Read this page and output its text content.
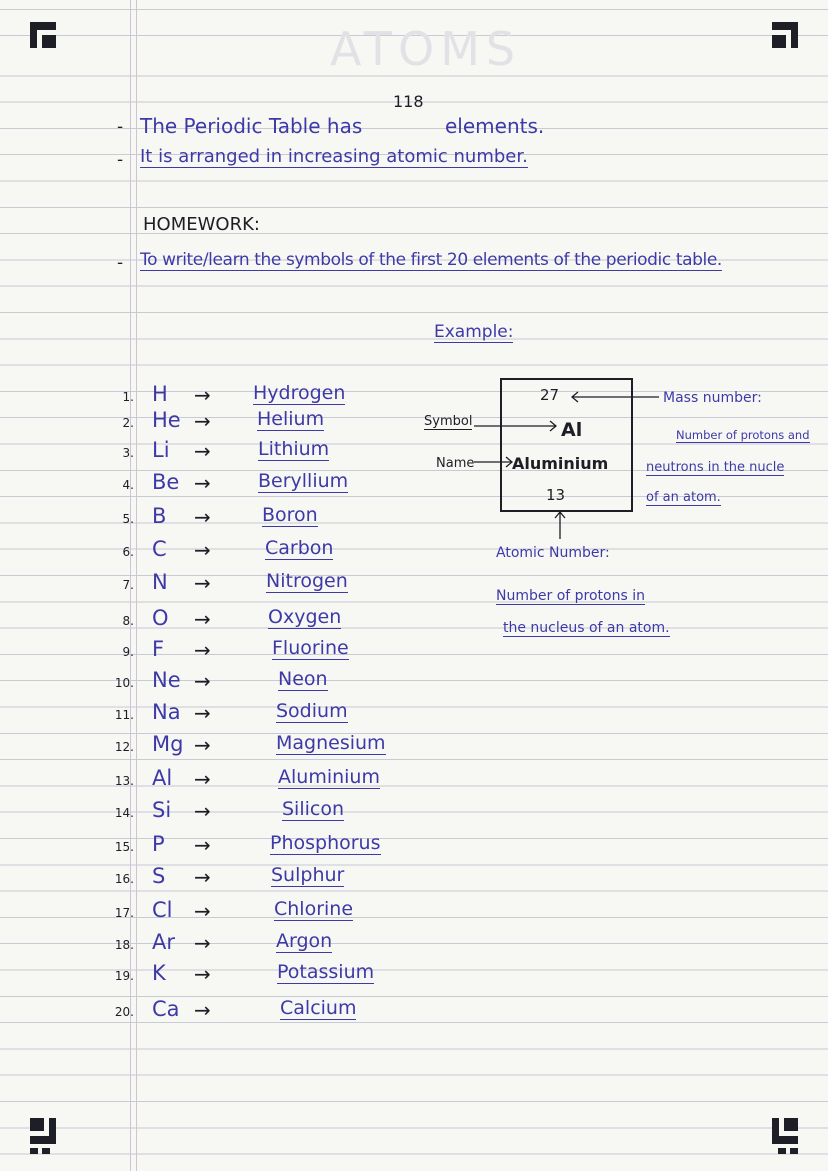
ATOMS
118
- The Periodic Table has	elements.
- It is arranged in increasing atomic number.
HOMEWORK:
- To write/learn the symbols of the first 20 elements of the periodic table.
Example:
1. H → Hydrogen
2. He → Helium
3. Li → Lithium
4. Be → Beryllium
5. B →	Boron
6. C →	Carbon
7. N →	Nitrogen
8. O →	Oxygen
9. F →	Fluorine
10. Ne →	Neon
11. Na →	Sodium
12. Mg →	Magnesium
13. Al →	Aluminium
14. Si →	Silicon
15. P →	Phosphorus
16. S →	Sulphur
17. Cl →	Chlorine
18. Ar →	Argon
19. K →	Potassium
20. Ca →	Calcium
27
Al
Aluminium
13
Symbol
Name
Mass number:
Number of protons and
neutrons in the nucle
of an atom.
Atomic Number:
Number of protons in
the nucleus of an atom.
